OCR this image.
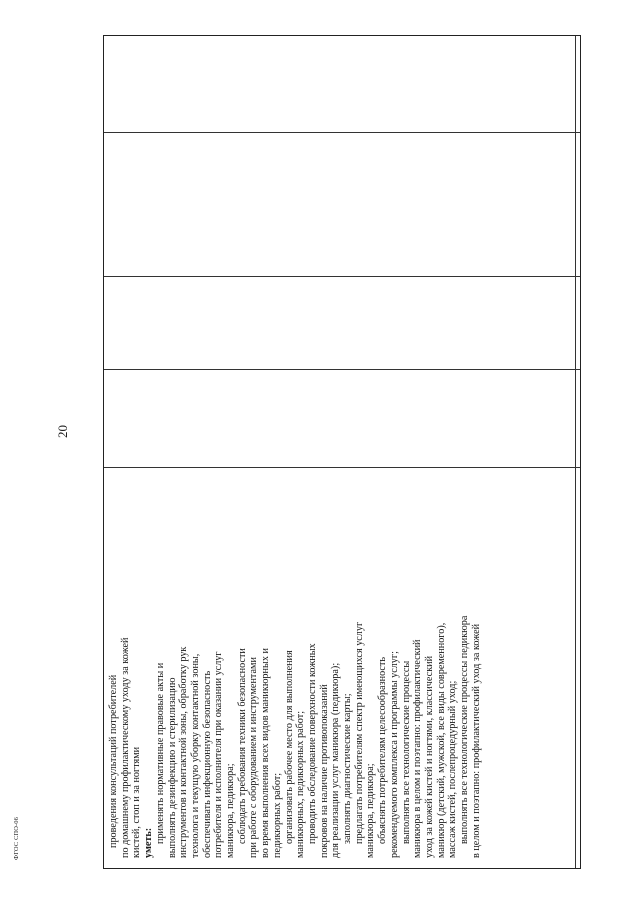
20
ФГОС СПО-06	проведения консультаций потребителей по домашнему профилактическому уходу за кожей кистей, стоп и за ногтями уметь: применять нормативные правовые акты и выполнять дезинфекцию и стерилизацию инструментов и контактной зоны, обработку рук технолога и текущую уборку контактной зоны, обеспечивать инфекционную безопасность потребителя и исполнителя при оказании услуг маникюра, педикюра; соблюдать требования техники безопасности при работе с оборудованием и инструментами во время выполнения всех видов маникюрных и педикюрных работ; организовать рабочее место для выполнения маникюрных, педикюрных работ; проводить обследование поверхности кожных покровов на наличие противопоказаний для реализации услуг маникюра (педикюра); заполнять диагностические карты; предлагать потребителям спектр имеющихся услуг маникюра, педикюра; объяснять потребителям целесообразность рекомендуемого комплекса и программы услуг; выполнять все технологические процессы маникюра в целом и поэтапно: профилактический уход за кожей кистей и ногтями, классический маникюр (детский, мужской, все виды современного), массаж кистей, послепроцедурный уход; выполнять все технологические процессы педикюра в целом и поэтапно: профилактический уход за кожей
